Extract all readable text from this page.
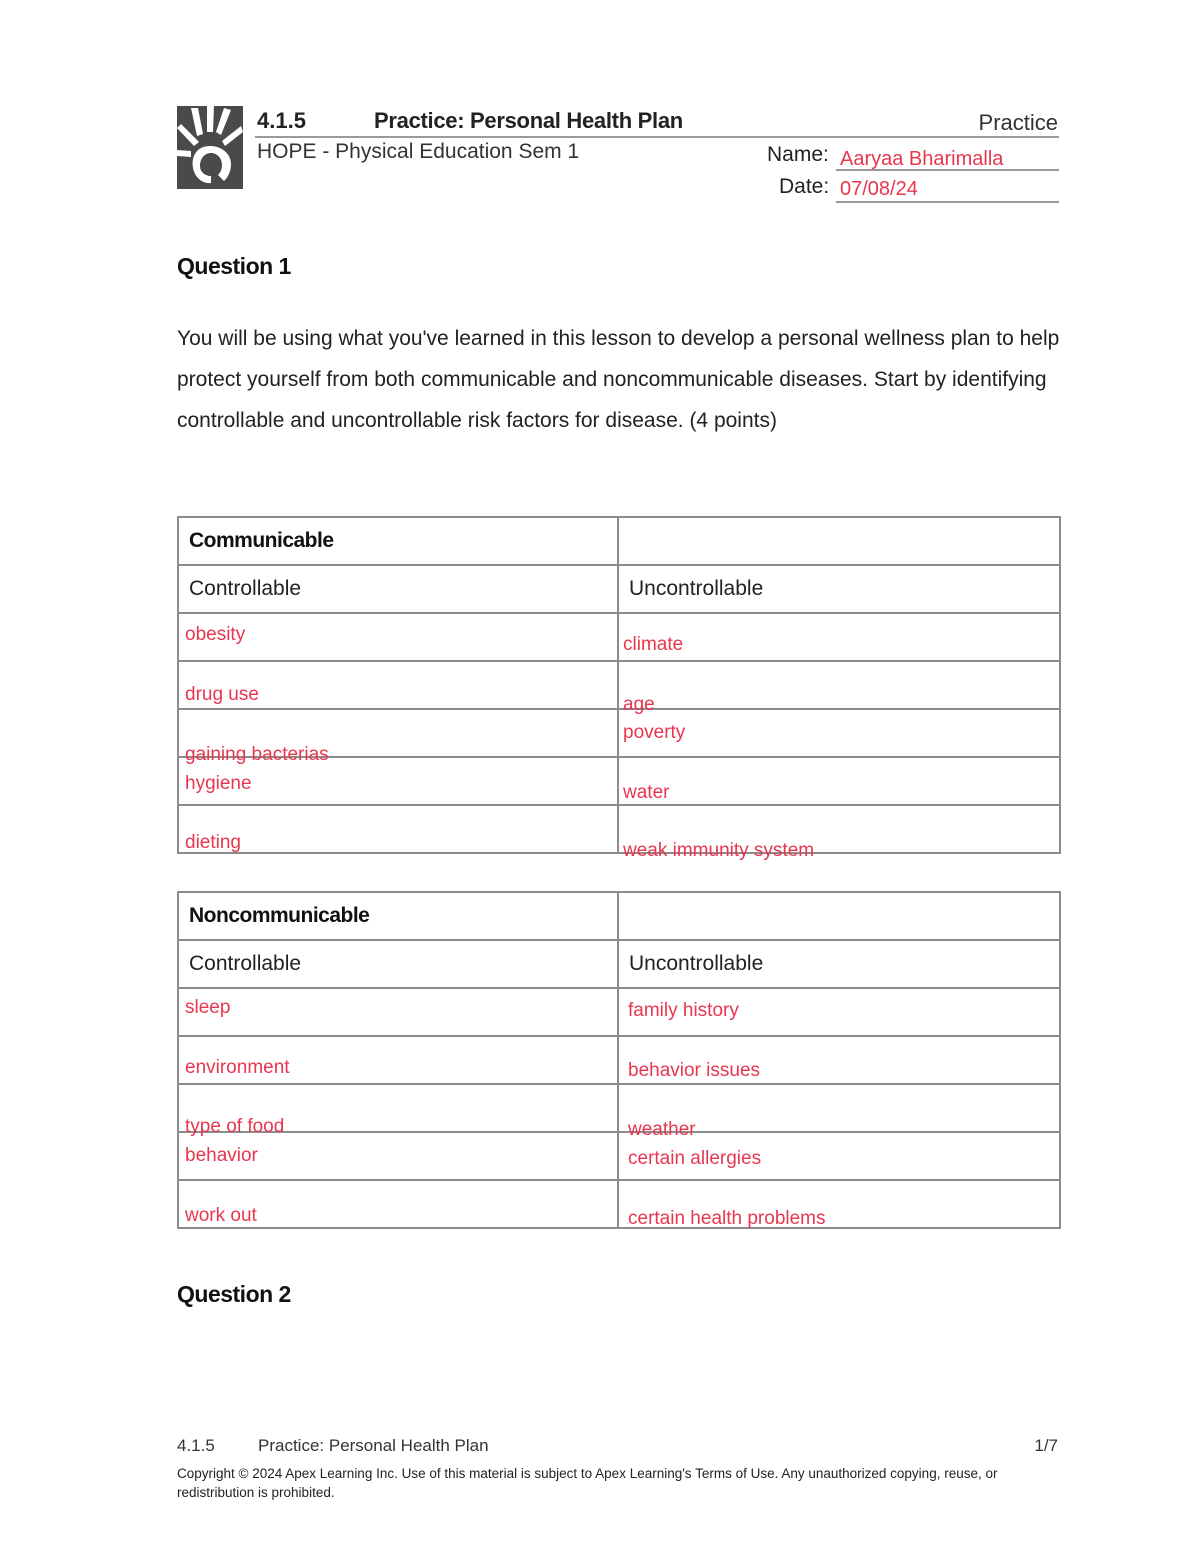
4.1.5	Practice: Personal Health Plan	Practice
HOPE - Physical Education Sem 1	Name: Aaryaa Bharimalla
Date: 07/08/24
Question 1
You will be using what you've learned in this lesson to develop a personal wellness plan to help protect yourself from both communicable and noncommunicable diseases. Start by identifying controllable and uncontrollable risk factors for disease. (4 points)
Communicable	
Controllable	Uncontrollable

obesity	climate

drug use	age

gaining bacterias	poverty

hygiene	water

dieting	weak immunity system
Noncommunicable	
Controllable	Uncontrollable

sleep	family history

environment	behavior issues

type of food	weather

behavior	certain allergies

work out	certain health problems
Question 2
4.1.5	Practice: Personal Health Plan	1/7
Copyright © 2024 Apex Learning Inc. Use of this material is subject to Apex Learning's Terms of Use. Any unauthorized copying, reuse, or redistribution is prohibited.
